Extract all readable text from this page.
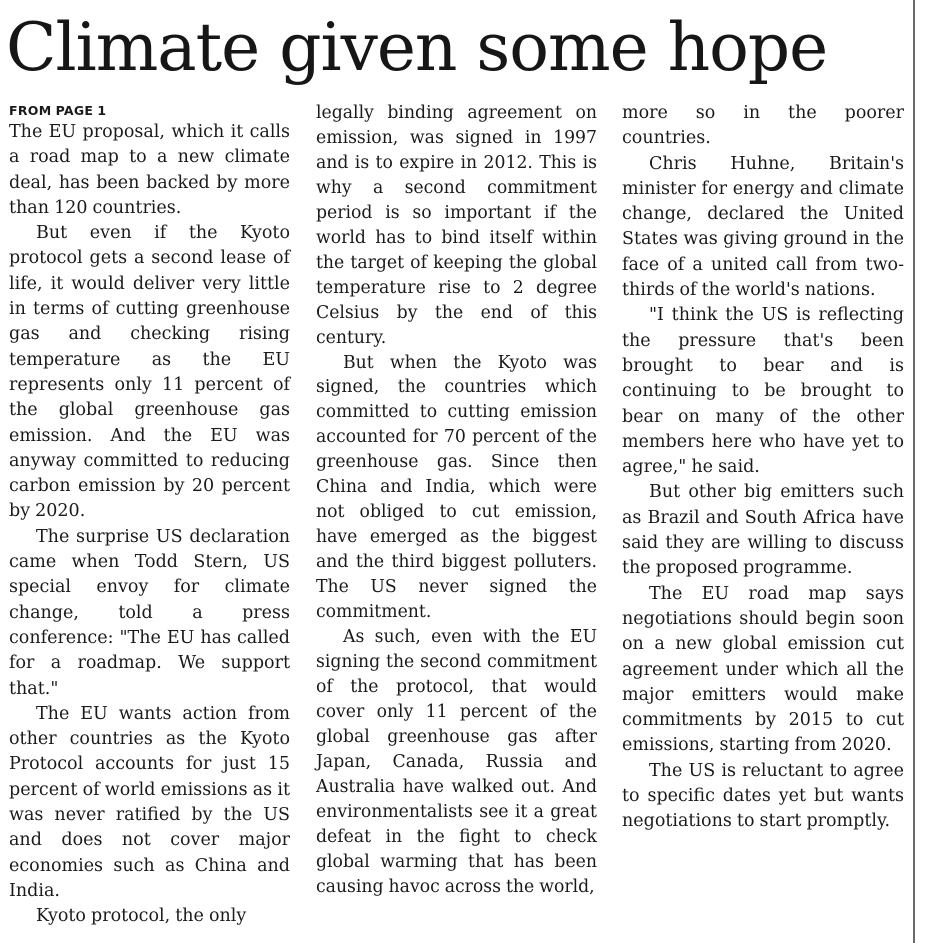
Climate given some hope
FROM PAGE 1

The EU proposal, which it calls a road map to a new climate deal, has been backed by more than 120 countries.

But even if the Kyoto protocol gets a second lease of life, it would deliver very little in terms of cutting greenhouse gas and checking rising temperature as the EU represents only 11 percent of the global greenhouse gas emission. And the EU was anyway committed to reducing carbon emission by 20 percent by 2020.

The surprise US declaration came when Todd Stern, US special envoy for climate change, told a press conference: "The EU has called for a roadmap. We support that."

The EU wants action from other countries as the Kyoto Protocol accounts for just 15 percent of world emissions as it was never ratified by the US and does not cover major economies such as China and India.

Kyoto protocol, the only

legally binding agreement on emission, was signed in 1997 and is to expire in 2012. This is why a second commitment period is so important if the world has to bind itself within the target of keeping the global temperature rise to 2 degree Celsius by the end of this century.

But when the Kyoto was signed, the countries which committed to cutting emission accounted for 70 percent of the greenhouse gas. Since then China and India, which were not obliged to cut emission, have emerged as the biggest and the third biggest polluters. The US never signed the commitment.

As such, even with the EU signing the second commitment of the protocol, that would cover only 11 percent of the global greenhouse gas after Japan, Canada, Russia and Australia have walked out. And environmentalists see it a great defeat in the fight to check global warming that has been causing havoc across the world,

more so in the poorer countries.

Chris Huhne, Britain's minister for energy and climate change, declared the United States was giving ground in the face of a united call from two-thirds of the world's nations.

"I think the US is reflecting the pressure that's been brought to bear and is continuing to be brought to bear on many of the other members here who have yet to agree," he said.

But other big emitters such as Brazil and South Africa have said they are willing to discuss the proposed programme.

The EU road map says negotiations should begin soon on a new global emission cut agreement under which all the major emitters would make commitments by 2015 to cut emissions, starting from 2020.

The US is reluctant to agree to specific dates yet but wants negotiations to start promptly.
